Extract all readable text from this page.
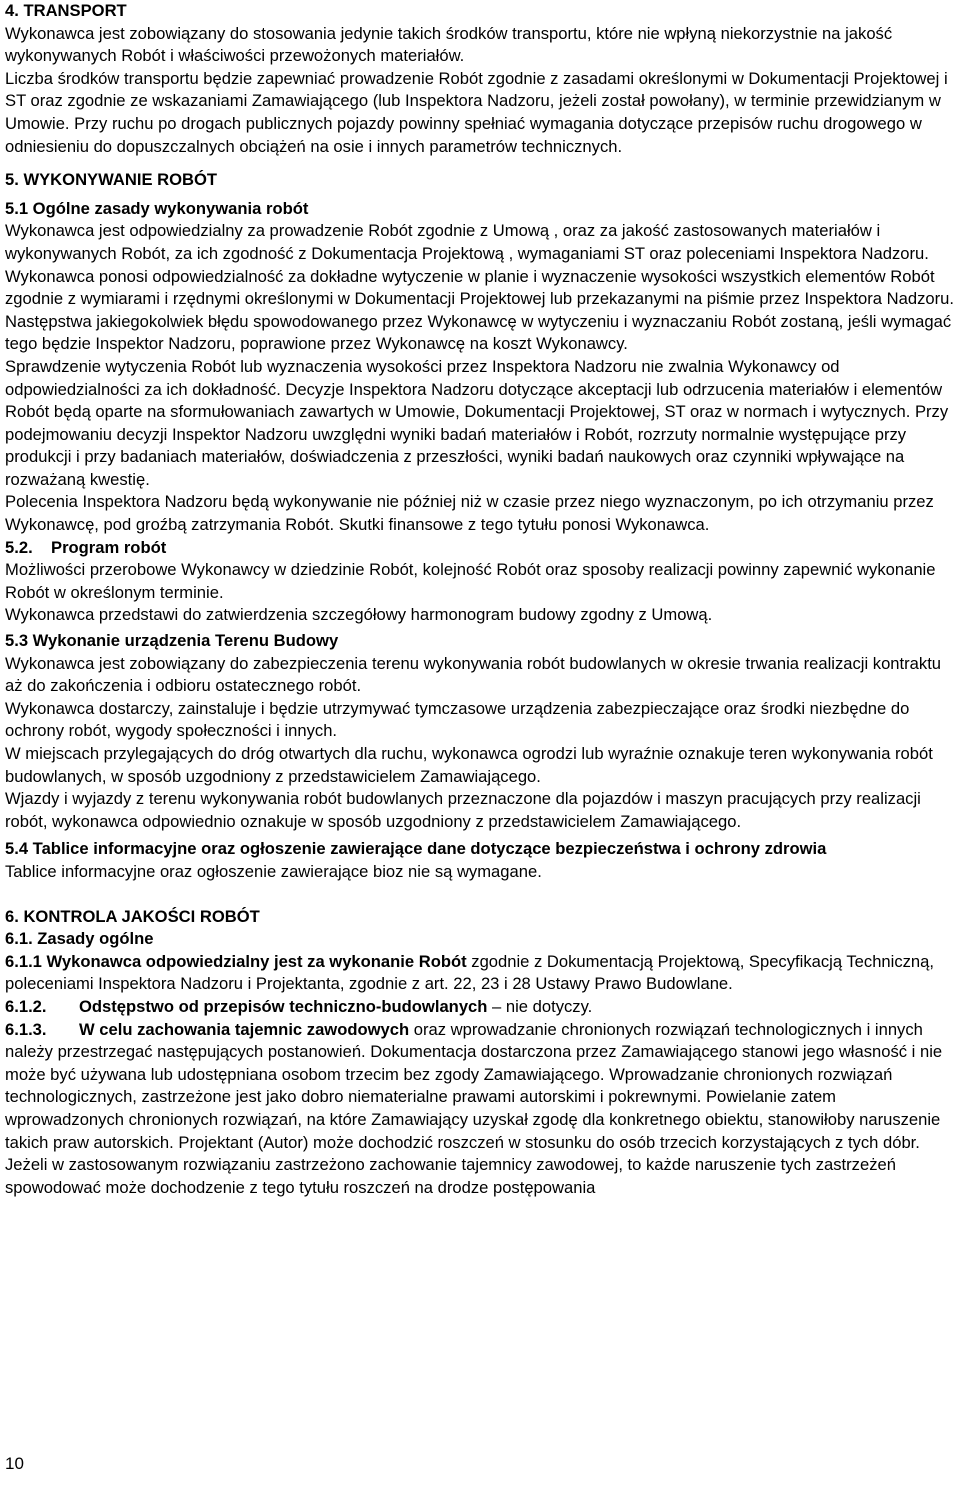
4. TRANSPORT

Wykonawca jest zobowiązany do stosowania jedynie takich środków transportu, które nie wpłyną niekorzystnie na jakość wykonywanych Robót i właściwości przewożonych materiałów.

Liczba środków transportu będzie zapewniać prowadzenie Robót zgodnie z zasadami określonymi w Dokumentacji Projektowej i ST oraz zgodnie ze wskazaniami Zamawiającego (lub Inspektora Nadzoru, jeżeli został powołany), w terminie przewidzianym w Umowie. Przy ruchu po drogach publicznych pojazdy powinny spełniać wymagania dotyczące przepisów ruchu drogowego w odniesieniu do dopuszczalnych obciążeń na osie i innych parametrów technicznych.

5. WYKONYWANIE ROBÓT

5.1 Ogólne zasady wykonywania robót

Wykonawca jest odpowiedzialny za prowadzenie Robót zgodnie z Umową , oraz za jakość zastosowanych materiałów i wykonywanych Robót, za ich zgodność z Dokumentacja Projektową , wymaganiami ST oraz poleceniami Inspektora Nadzoru. Wykonawca ponosi odpowiedzialność za dokładne wytyczenie w planie i wyznaczenie wysokości wszystkich elementów Robót zgodnie z wymiarami i rzędnymi określonymi w Dokumentacji Projektowej lub przekazanymi na piśmie przez Inspektora Nadzoru.

Następstwa jakiegokolwiek błędu spowodowanego przez Wykonawcę w wytyczeniu i wyznaczaniu Robót zostaną, jeśli wymagać tego będzie Inspektor Nadzoru, poprawione przez Wykonawcę na koszt Wykonawcy.

Sprawdzenie wytyczenia Robót lub wyznaczenia wysokości przez Inspektora Nadzoru nie zwalnia Wykonawcy od odpowiedzialności za ich dokładność. Decyzje Inspektora Nadzoru dotyczące akceptacji lub odrzucenia materiałów i elementów Robót będą oparte na sformułowaniach zawartych w Umowie, Dokumentacji Projektowej, ST oraz w normach i wytycznych. Przy podejmowaniu decyzji Inspektor Nadzoru uwzględni wyniki badań materiałów i Robót, rozrzuty normalnie występujące przy produkcji i przy badaniach materiałów, doświadczenia z przeszłości, wyniki badań naukowych oraz czynniki wpływające na rozważaną kwestię.

Polecenia Inspektora Nadzoru będą wykonywanie nie później niż w czasie przez niego wyznaczonym, po ich otrzymaniu przez Wykonawcę, pod groźbą zatrzymania Robót. Skutki finansowe z tego tytułu ponosi Wykonawca.

5.2. Program robót

Możliwości przerobowe Wykonawcy w dziedzinie Robót, kolejność Robót oraz sposoby realizacji powinny zapewnić wykonanie Robót w określonym terminie.

Wykonawca przedstawi do zatwierdzenia szczegółowy harmonogram budowy zgodny z Umową.

5.3 Wykonanie urządzenia Terenu Budowy

Wykonawca jest zobowiązany do zabezpieczenia terenu wykonywania robót budowlanych w okresie trwania realizacji kontraktu aż do zakończenia i odbioru ostatecznego robót.

Wykonawca dostarczy, zainstaluje i będzie utrzymywać tymczasowe urządzenia zabezpieczające oraz środki niezbędne do ochrony robót, wygody społeczności i innych.

W miejscach przylegających do dróg otwartych dla ruchu, wykonawca ogrodzi lub wyraźnie oznakuje teren wykonywania robót budowlanych, w sposób uzgodniony z przedstawicielem Zamawiającego.

Wjazdy i wyjazdy z terenu wykonywania robót budowlanych przeznaczone dla pojazdów i maszyn pracujących przy realizacji robót, wykonawca odpowiednio oznakuje w sposób uzgodniony z przedstawicielem Zamawiającego.

5.4 Tablice informacyjne oraz ogłoszenie zawierające dane dotyczące bezpieczeństwa i ochrony zdrowia

Tablice informacyjne oraz ogłoszenie zawierające bioz nie są wymagane.

6. KONTROLA JAKOŚCI ROBÓT

6.1. Zasady ogólne

6.1.1 Wykonawca odpowiedzialny jest za wykonanie Robót zgodnie z Dokumentacją Projektową, Specyfikacją Techniczną, poleceniami Inspektora Nadzoru i Projektanta, zgodnie z art. 22, 23 i 28 Ustawy Prawo Budowlane.

6.1.2. Odstępstwo od przepisów techniczno-budowlanych – nie dotyczy.

6.1.3. W celu zachowania tajemnic zawodowych oraz wprowadzanie chronionych rozwiązań technologicznych i innych należy przestrzegać następujących postanowień. Dokumentacja dostarczona przez Zamawiającego stanowi jego własność i nie może być używana lub udostępniana osobom trzecim bez zgody Zamawiającego. Wprowadzanie chronionych rozwiązań technologicznych, zastrzeżone jest jako dobro niematerialne prawami autorskimi i pokrewnymi. Powielanie zatem wprowadzonych chronionych rozwiązań, na które Zamawiający uzyskał zgodę dla konkretnego obiektu, stanowiłoby naruszenie takich praw autorskich. Projektant (Autor) może dochodzić roszczeń w stosunku do osób trzecich korzystających z tych dóbr. Jeżeli w zastosowanym rozwiązaniu zastrzeżono zachowanie tajemnicy zawodowej, to każde naruszenie tych zastrzeżeń spowodować może dochodzenie z tego tytułu roszczeń na drodze postępowania

10
